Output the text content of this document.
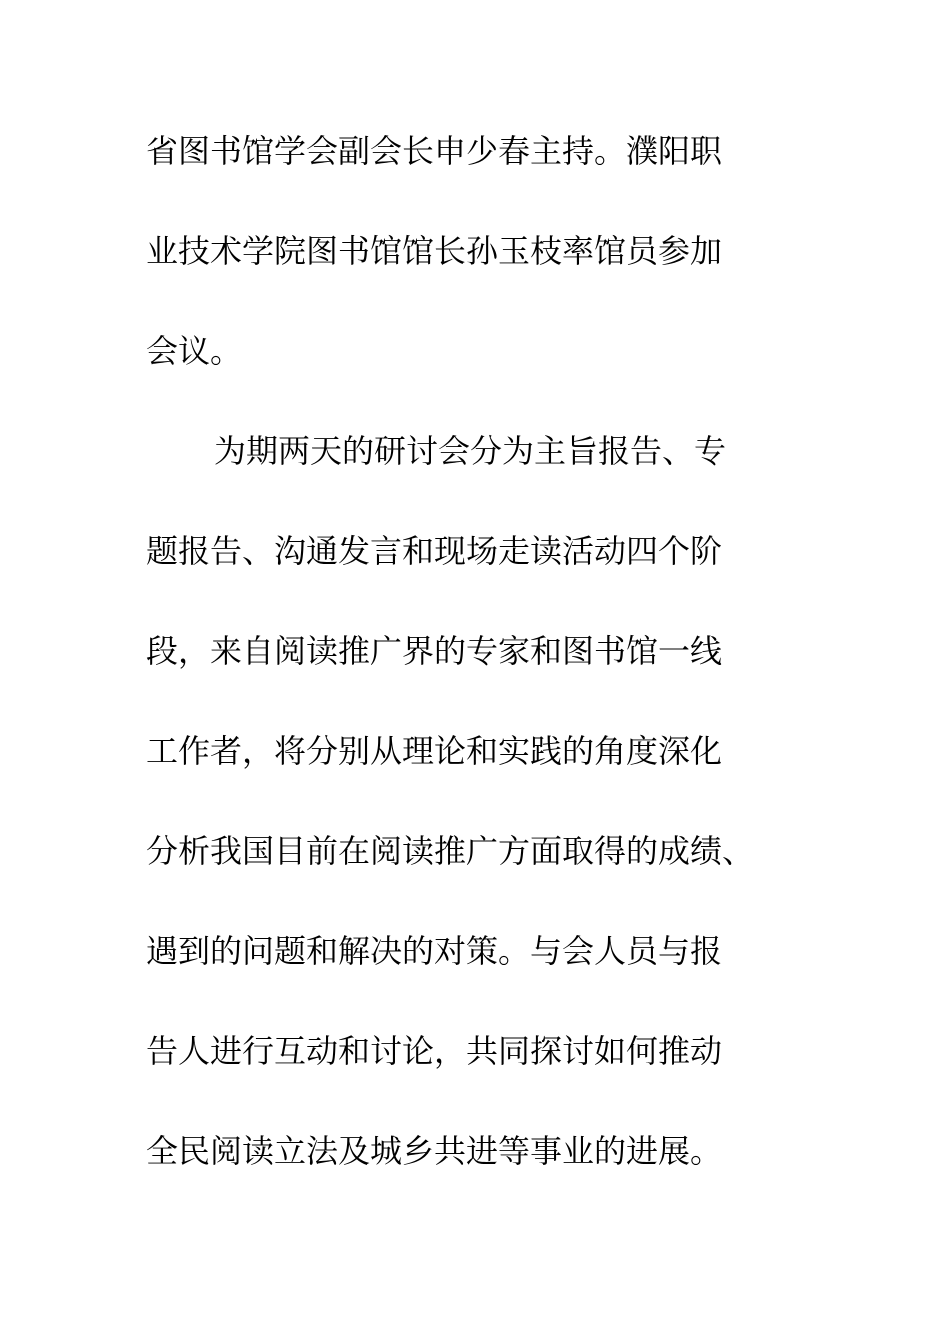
省图书馆学会副会长申少春主持。濮阳职
业技术学院图书馆馆长孙玉枝率馆员参加
会议。
为期两天的研讨会分为主旨报告、专
题报告、沟通发言和现场走读活动四个阶
段，来自阅读推广界的专家和图书馆一线
工作者，将分别从理论和实践的角度深化
分析我国目前在阅读推广方面取得的成绩、
遇到的问题和解决的对策。与会人员与报
告人进行互动和讨论，共同探讨如何推动
全民阅读立法及城乡共进等事业的进展。
